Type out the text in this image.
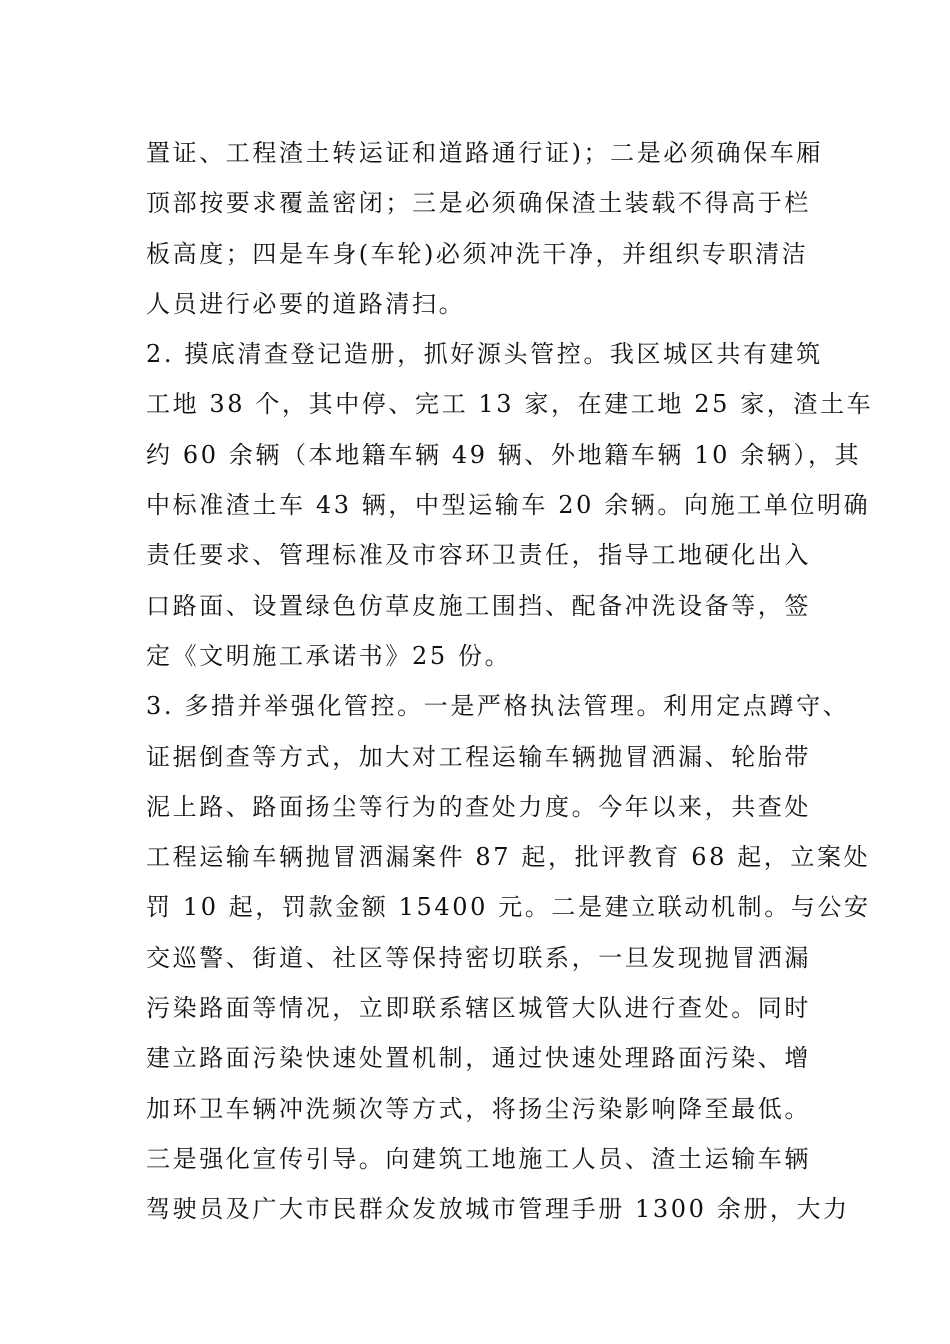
置证、工程渣土转运证和道路通行证)；二是必须确保车厢
顶部按要求覆盖密闭；三是必须确保渣土装载不得高于栏
板高度；四是车身(车轮)必须冲洗干净，并组织专职清洁
人员进行必要的道路清扫。
2. 摸底清查登记造册，抓好源头管控。我区城区共有建筑
工地 38 个，其中停、完工 13 家，在建工地 25 家，渣土车
约 60 余辆（本地籍车辆 49 辆、外地籍车辆 10 余辆），其
中标准渣土车 43 辆，中型运输车 20 余辆。向施工单位明确
责任要求、管理标准及市容环卫责任，指导工地硬化出入
口路面、设置绿色仿草皮施工围挡、配备冲洗设备等，签
定《文明施工承诺书》25 份。
3. 多措并举强化管控。一是严格执法管理。利用定点蹲守、
证据倒查等方式，加大对工程运输车辆抛冒洒漏、轮胎带
泥上路、路面扬尘等行为的查处力度。今年以来，共查处
工程运输车辆抛冒洒漏案件 87 起，批评教育 68 起，立案处
罚 10 起，罚款金额 15400 元。二是建立联动机制。与公安
交巡警、街道、社区等保持密切联系，一旦发现抛冒洒漏
污染路面等情况，立即联系辖区城管大队进行查处。同时
建立路面污染快速处置机制，通过快速处理路面污染、增
加环卫车辆冲洗频次等方式，将扬尘污染影响降至最低。
三是强化宣传引导。向建筑工地施工人员、渣土运输车辆
驾驶员及广大市民群众发放城市管理手册 1300 余册，大力
